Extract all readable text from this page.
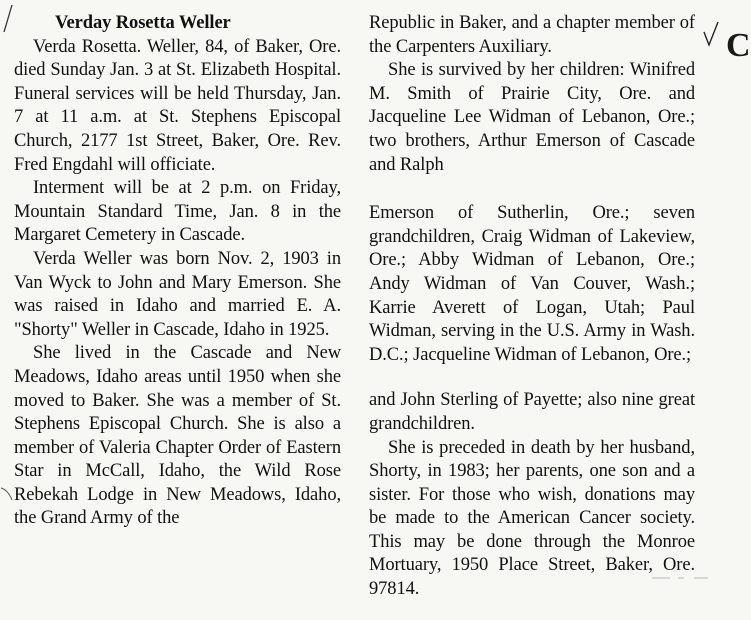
Verday Rosetta Weller

Verda Rosetta. Weller, 84, of Baker, Ore. died Sunday Jan. 3 at St. Elizabeth Hospital. Funeral services will be held Thursday, Jan. 7 at 11 a.m. at St. Stephens Episcopal Church, 2177 1st Street, Baker, Ore. Rev. Fred Engdahl will officiate.

Interment will be at 2 p.m. on Friday, Mountain Standard Time, Jan. 8 in the Margaret Cemetery in Cascade.

Verda Weller was born Nov. 2, 1903 in Van Wyck to John and Mary Emerson. She was raised in Idaho and married E. A. "Shorty" Weller in Cascade, Idaho in 1925.

She lived in the Cascade and New Meadows, Idaho areas until 1950 when she moved to Baker. She was a member of St. Stephens Episcopal Church. She is also a member of Valeria Chapter Order of Eastern Star in McCall, Idaho, the Wild Rose Rebekah Lodge in New Meadows, Idaho, the Grand Army of the

Republic in Baker, and a chapter member of the Carpenters Auxiliary.

She is survived by her children: Winifred M. Smith of Prairie City, Ore. and Jacqueline Lee Widman of Lebanon, Ore.; two brothers, Arthur Emerson of Cascade and Ralph

Emerson of Sutherlin, Ore.; seven grandchildren, Craig Widman of Lakeview, Ore.; Abby Widman of Lebanon, Ore.; Andy Widman of Van Couver, Wash.; Karrie Averett of Logan, Utah; Paul Widman, serving in the U.S. Army in Wash. D.C.; Jacqueline Widman of Lebanon, Ore.;

and John Sterling of Payette; also nine great grandchildren.

She is preceded in death by her husband, Shorty, in 1983; her parents, one son and a sister. For those who wish, donations may be made to the American Cancer society. This may be done through the Monroe Mortuary, 1950 Place Street, Baker, Ore. 97814.

C
